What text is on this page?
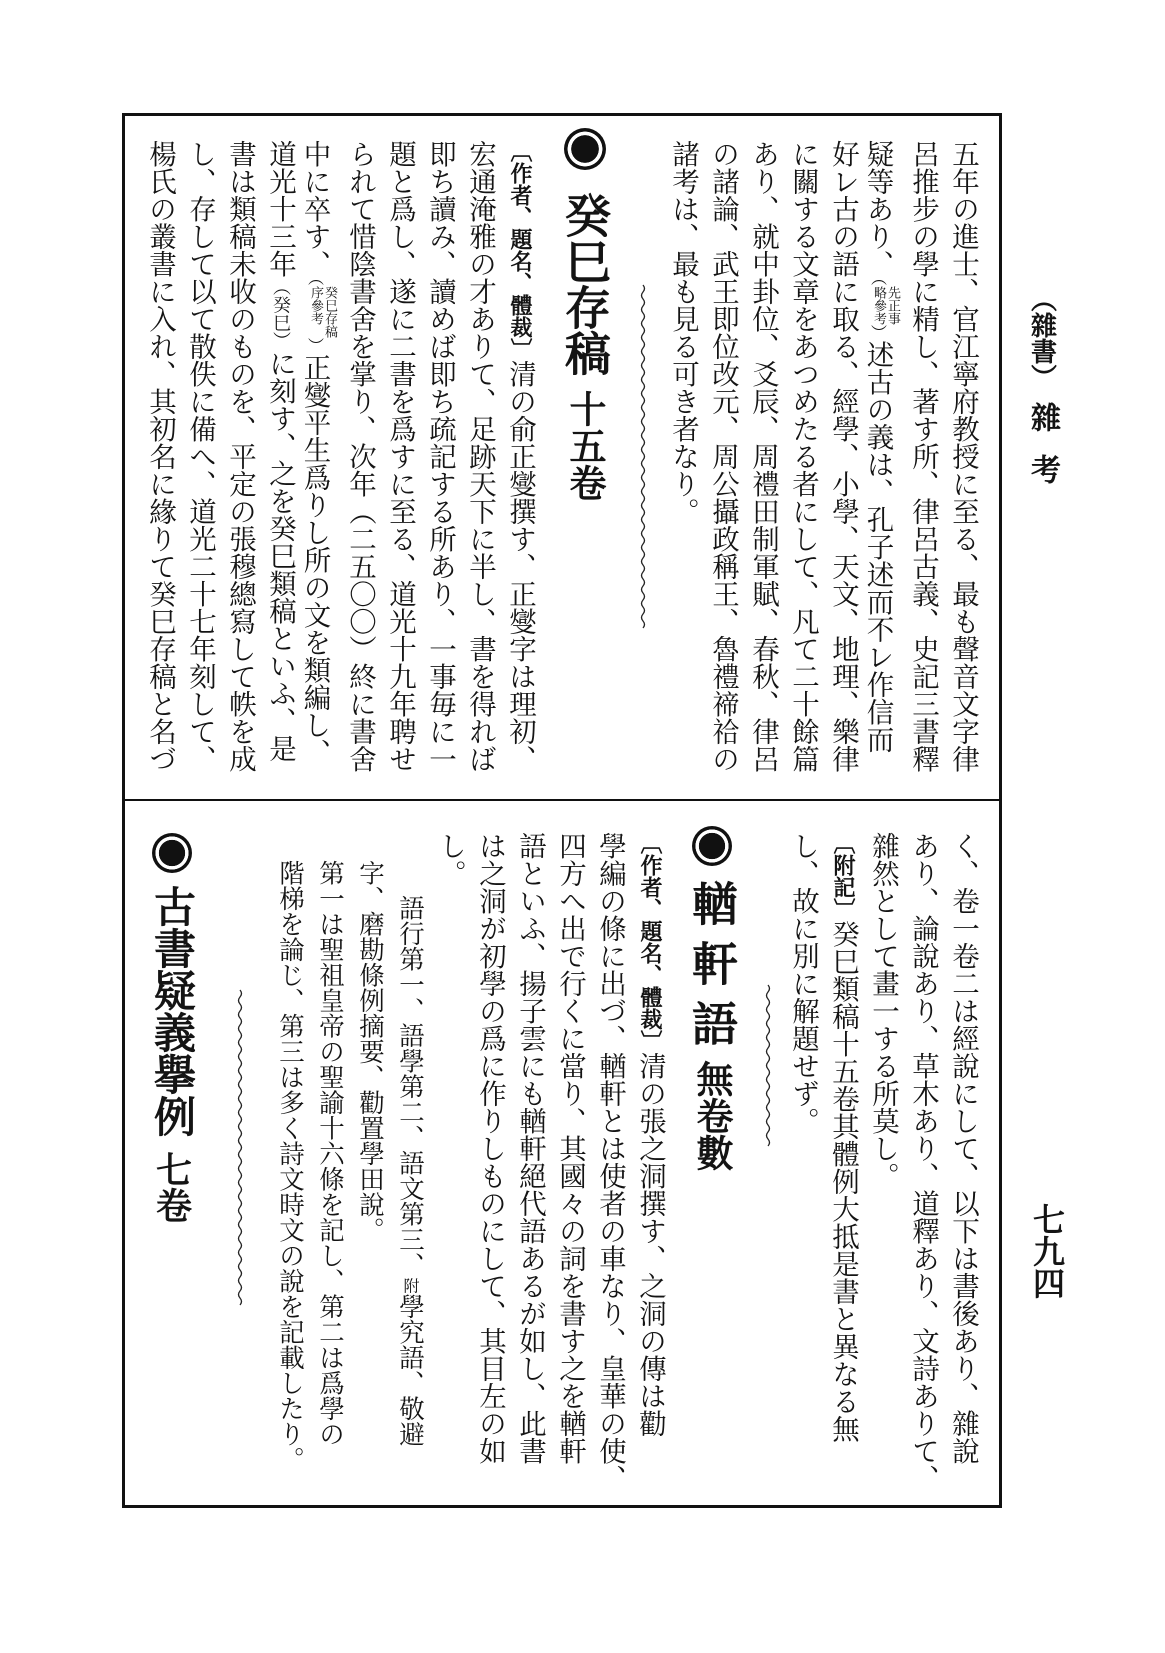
（雜書）
雜考
七九四
五年の進士、官江寧府教授に至る、最も聲音文字律
呂推步の學に精し、著す所、律呂古義、史記三書釋
疑等あり、（
先正事
略參考
）述古の義は、孔子述而不レ作信而
好レ古の語に取る、經學、小學、天文、地理、樂律
に關する文章をあつめたる者にして、凡て二十餘篇
あり、就中卦位、爻辰、周禮田制軍賦、春秋、律呂
の諸論、武王即位改元、周公攝政稱王、魯禮禘祫の
諸考は、最も見る可き者なり。
癸巳存稿
十五卷
〔作者、題名、體裁〕清の俞正燮撰す、正燮字は理初、
宏通淹雅の才ありて、足跡天下に半し、書を得れば
即ち讀み、讀めば即ち疏記する所あり、一事毎に一
題と爲し、遂に二書を爲すに至る、道光十九年聘せ
られて惜陰書舍を掌り、次年（二五〇〇）終に書舍
中に卒す、（
癸巳存稿
序參考
）正燮平生爲りし所の文を類編し、
道光十三年（癸巳）に刻す、之を癸巳類稿といふ、是
書は類稿未收のものを、平定の張穆總寫して帙を成
し、存して以て散佚に備へ、道光二十七年刻して、
楊氏の叢書に入れ、其初名に緣りて癸巳存稿と名づ
く、卷一卷二は經說にして、以下は書後あり、雜說
あり、論說あり、草木あり、道釋あり、文詩ありて、
雜然として畫一する所莫し。
〔附記〕癸巳類稿十五卷其體例大抵是書と異なる無
し、故に別に解題せず。
輶軒語
無卷數
〔作者、題名、體裁〕清の張之洞撰す、之洞の傳は勸
學編の條に出づ、輶軒とは使者の車なり、皇華の使、
四方へ出で行くに當り、其國々の詞を書す之を輶軒
語といふ、揚子雲にも輶軒絕代語あるが如し、此書
は之洞が初學の爲に作りしものにして、其目左の如
し。
語行第一、語學第二、語文第三、附學究語、敬避
字、磨勘條例摘要、勸置學田說。
第一は聖祖皇帝の聖諭十六條を記し、第二は爲學の
階梯を論じ、第三は多く詩文時文の說を記載したり。
古書疑義擧例
七卷
